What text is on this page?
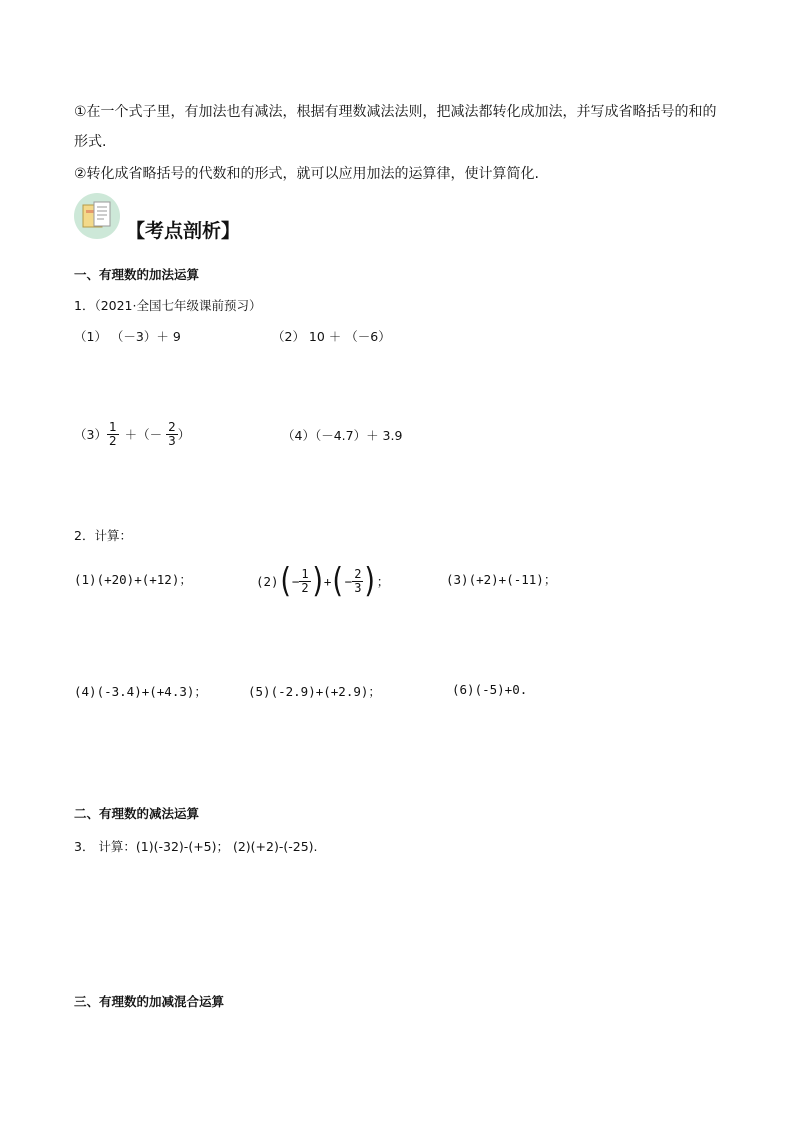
①在一个式子里，有加法也有减法，根据有理数减法法则，把减法都转化成加法，并写成省略括号的和的
形式.
②转化成省略括号的代数和的形式，就可以应用加法的运算律，使计算简化.
【考点剖析】
一、有理数的加法运算
1．（2021·全国七年级课前预习）
（1） （－3）＋ 9	（2） 10 ＋ （－6）
$(3) \frac{1}{2}$ ＋（－ $\frac{2}{3}$ ）	（4）（－4.7）＋ 3.9
2．计算：
(1)(+20)+(+12)；	(2) ( − $\frac{1}{2}$ ) + ( − $\frac{2}{3}$ ) ；	(3)(+2)+(-11)；
(4)(-3.4)+(+4.3)；	(5)(-2.9)+(+2.9)；	(6)(-5)+0.
二、有理数的减法运算
3． 计算：(1)(-32)-(+5)； (2)(+2)-(-25).
三、有理数的加减混合运算
